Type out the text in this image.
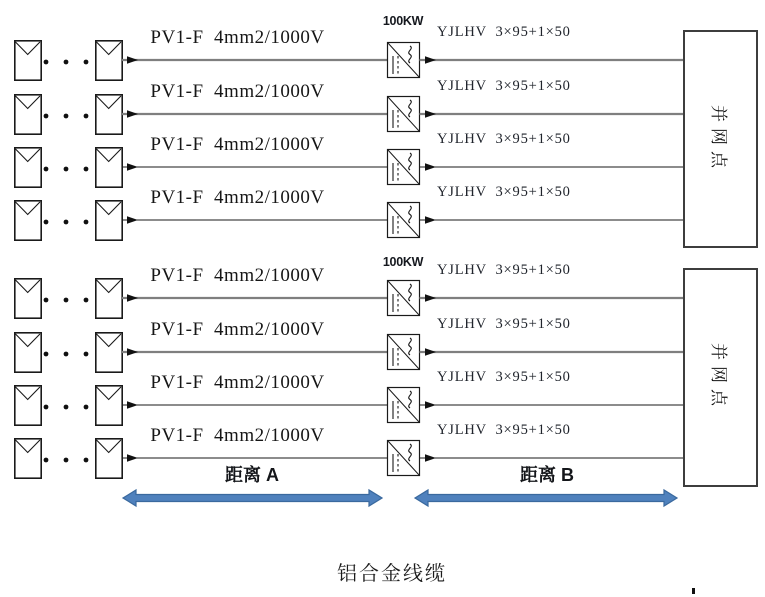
距离 A	距离 B
铝合金线缆
PV1-F  4mm2/1000V	YJLHV  3×95+1×50
PV1-F  4mm2/1000V	YJLHV  3×95+1×50
PV1-F  4mm2/1000V	YJLHV  3×95+1×50
PV1-F  4mm2/1000V	YJLHV  3×95+1×50
100KW
并网点
PV1-F  4mm2/1000V	YJLHV  3×95+1×50
PV1-F  4mm2/1000V	YJLHV  3×95+1×50
PV1-F  4mm2/1000V	YJLHV  3×95+1×50
PV1-F  4mm2/1000V	YJLHV  3×95+1×50
100KW
并网点
